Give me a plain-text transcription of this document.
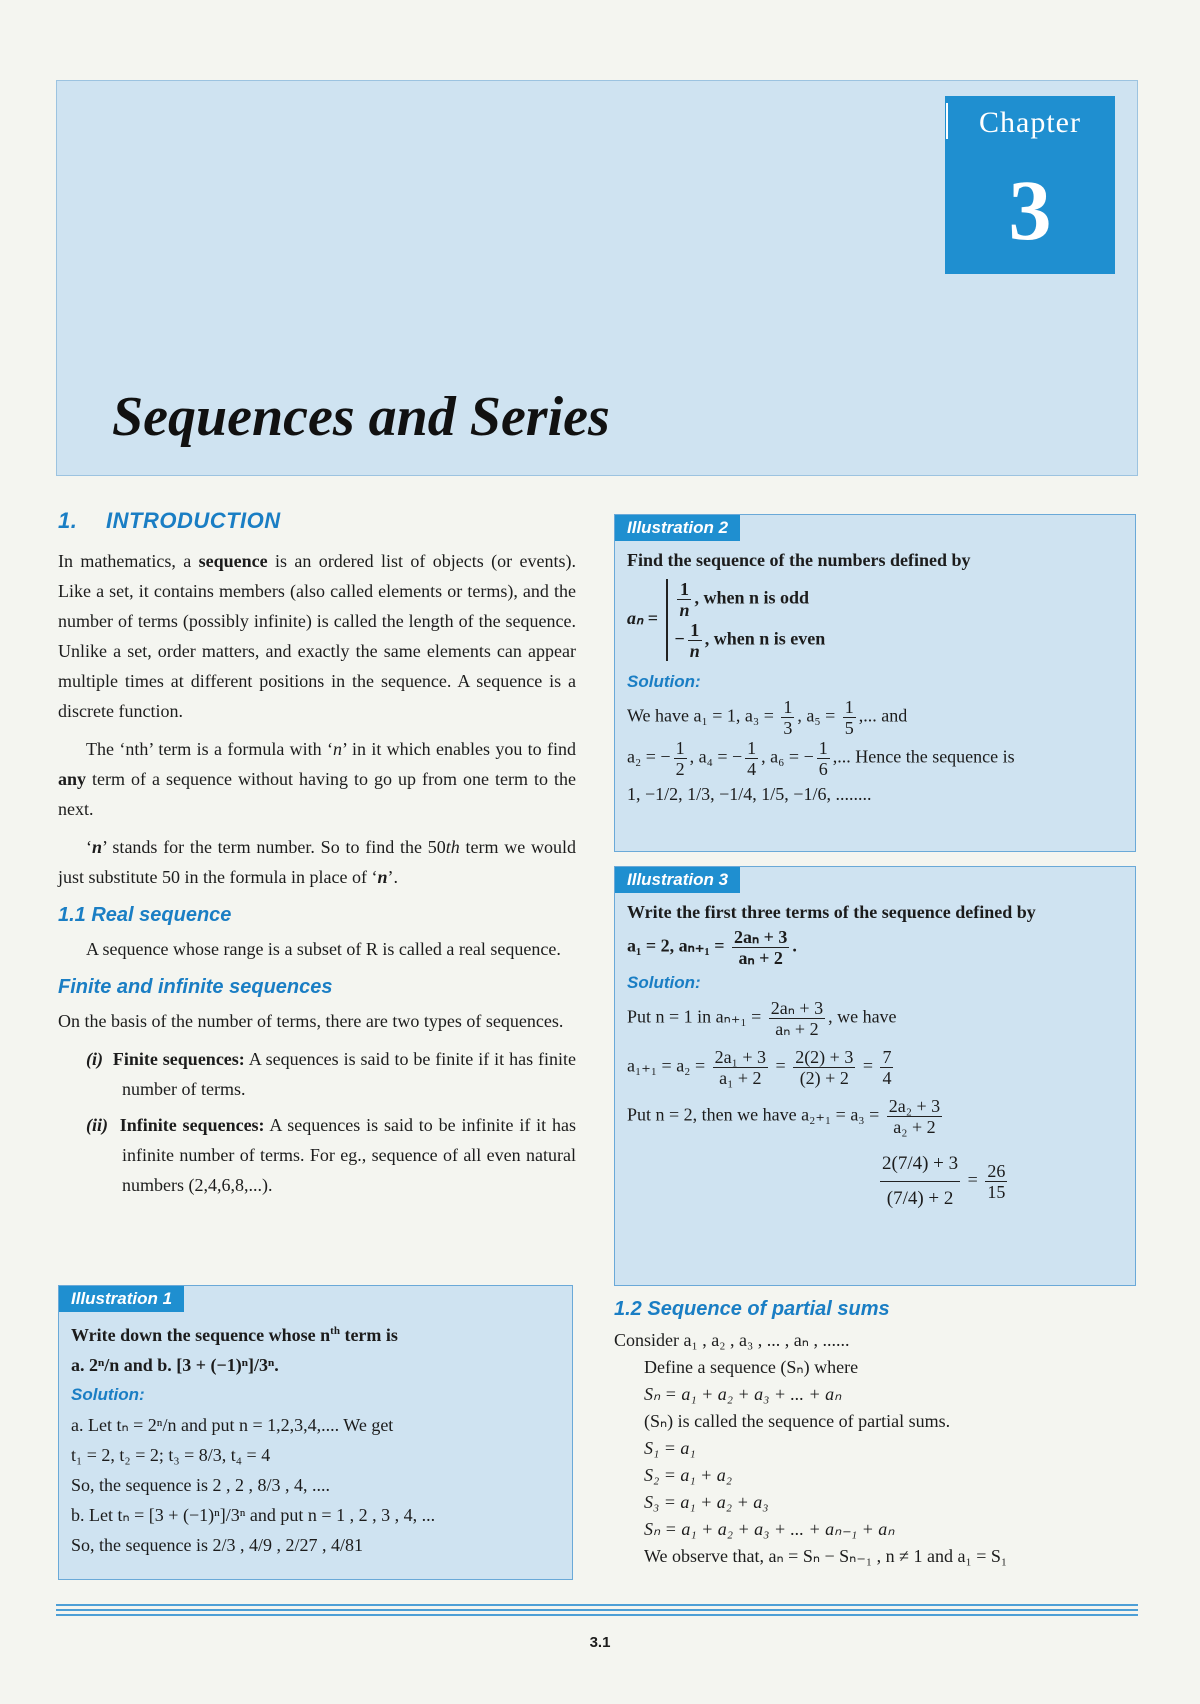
Chapter
3
Sequences and Series
1. INTRODUCTION

In mathematics, a sequence is an ordered list of objects (or events). Like a set, it contains members (also called elements or terms), and the number of terms (possibly infinite) is called the length of the sequence. Unlike a set, order matters, and exactly the same elements can appear multiple times at different positions in the sequence. A sequence is a discrete function.

The ‘nth’ term is a formula with ‘n’ in it which enables you to find any term of a sequence without having to go up from one term to the next.

‘n’ stands for the term number. So to find the 50th term we would just substitute 50 in the formula in place of ‘n’.

1.1 Real sequence

A sequence whose range is a subset of R is called a real sequence.

Finite and infinite sequences

On the basis of the number of terms, there are two types of sequences.

(i) Finite sequences: A sequences is said to be finite if it has finite number of terms.
(ii) Infinite sequences: A sequences is said to be infinite if it has infinite number of terms. For eg., sequence of all even natural numbers (2,4,6,8,...).
Illustration 1
Write down the sequence whose $n^{th}$ term is
a. 2ⁿ/n and b. [3 + (−1)ⁿ]/3ⁿ.
Solution:
a. Let tₙ = 2ⁿ/n and put n = 1,2,3,4,.... We get
t₁ = 2, t₂ = 2; t₃ = 8/3, t₄ = 4
So, the sequence is 2 , 2 , 8/3 , 4, ....
b. Let tₙ = [3 + (−1)ⁿ]/3ⁿ and put n = 1 , 2 , 3 , 4, ...
So, the sequence is 2/3 , 4/9 , 2/27 , 4/81
Illustration 2
Find the sequence of the numbers defined by
$a_n = \frac{1}{n}$ , when n is odd
− $\frac{1}{n}$ , when n is even
Solution:
We have a₁ = 1, $a_3 = \frac{1}{3}$ , $a_5 = \frac{1}{5}$ ,... and
a₂ = − $\frac{1}{2}$ , a₄ = − $\frac{1}{4}$ , a₆ = − $\frac{1}{6}$ ,... Hence the sequence is
1, −1/2, 1/3, −1/4, 1/5, −1/6, ........
Illustration 3
Write the first three terms of the sequence defined by
a₁ = 2, $a_{n+1} = \frac{\text{2aₙ + 3}}{\text{aₙ + 2}}$ .
Solution:
Put n = 1 in $a_{n+1} = \frac{\text{2aₙ + 3}}{\text{aₙ + 2}}$ , we have
$a_{1+1} = a_2 = \frac{\text{2a₁ + 3}}{\text{a₁ + 2}} = \frac{2(2) + 3}{(2) + 2} = \frac{7}{4}$
Put n = 2, then we have $a_{2+1} = a_3 = \frac{\text{2a₂ + 3}}{\text{a₂ + 2}}$
$\frac{2(7/4) + 3}{(7/4) + 2} = \frac{26}{15}$
1.2 Sequence of partial sums
Consider a₁ , a₂ , a₃ , ... , aₙ , ......
Define a sequence (Sₙ) where
Sₙ = a₁ + a₂ + a₃ + ... + aₙ
(Sₙ) is called the sequence of partial sums.
S₁ = a₁
S₂ = a₁ + a₂
S₃ = a₁ + a₂ + a₃
Sₙ = a₁ + a₂ + a₃ + ... + aₙ₋₁ + aₙ
We observe that, aₙ = Sₙ − Sₙ₋₁ , n ≠ 1 and a₁ = S₁
3.1
